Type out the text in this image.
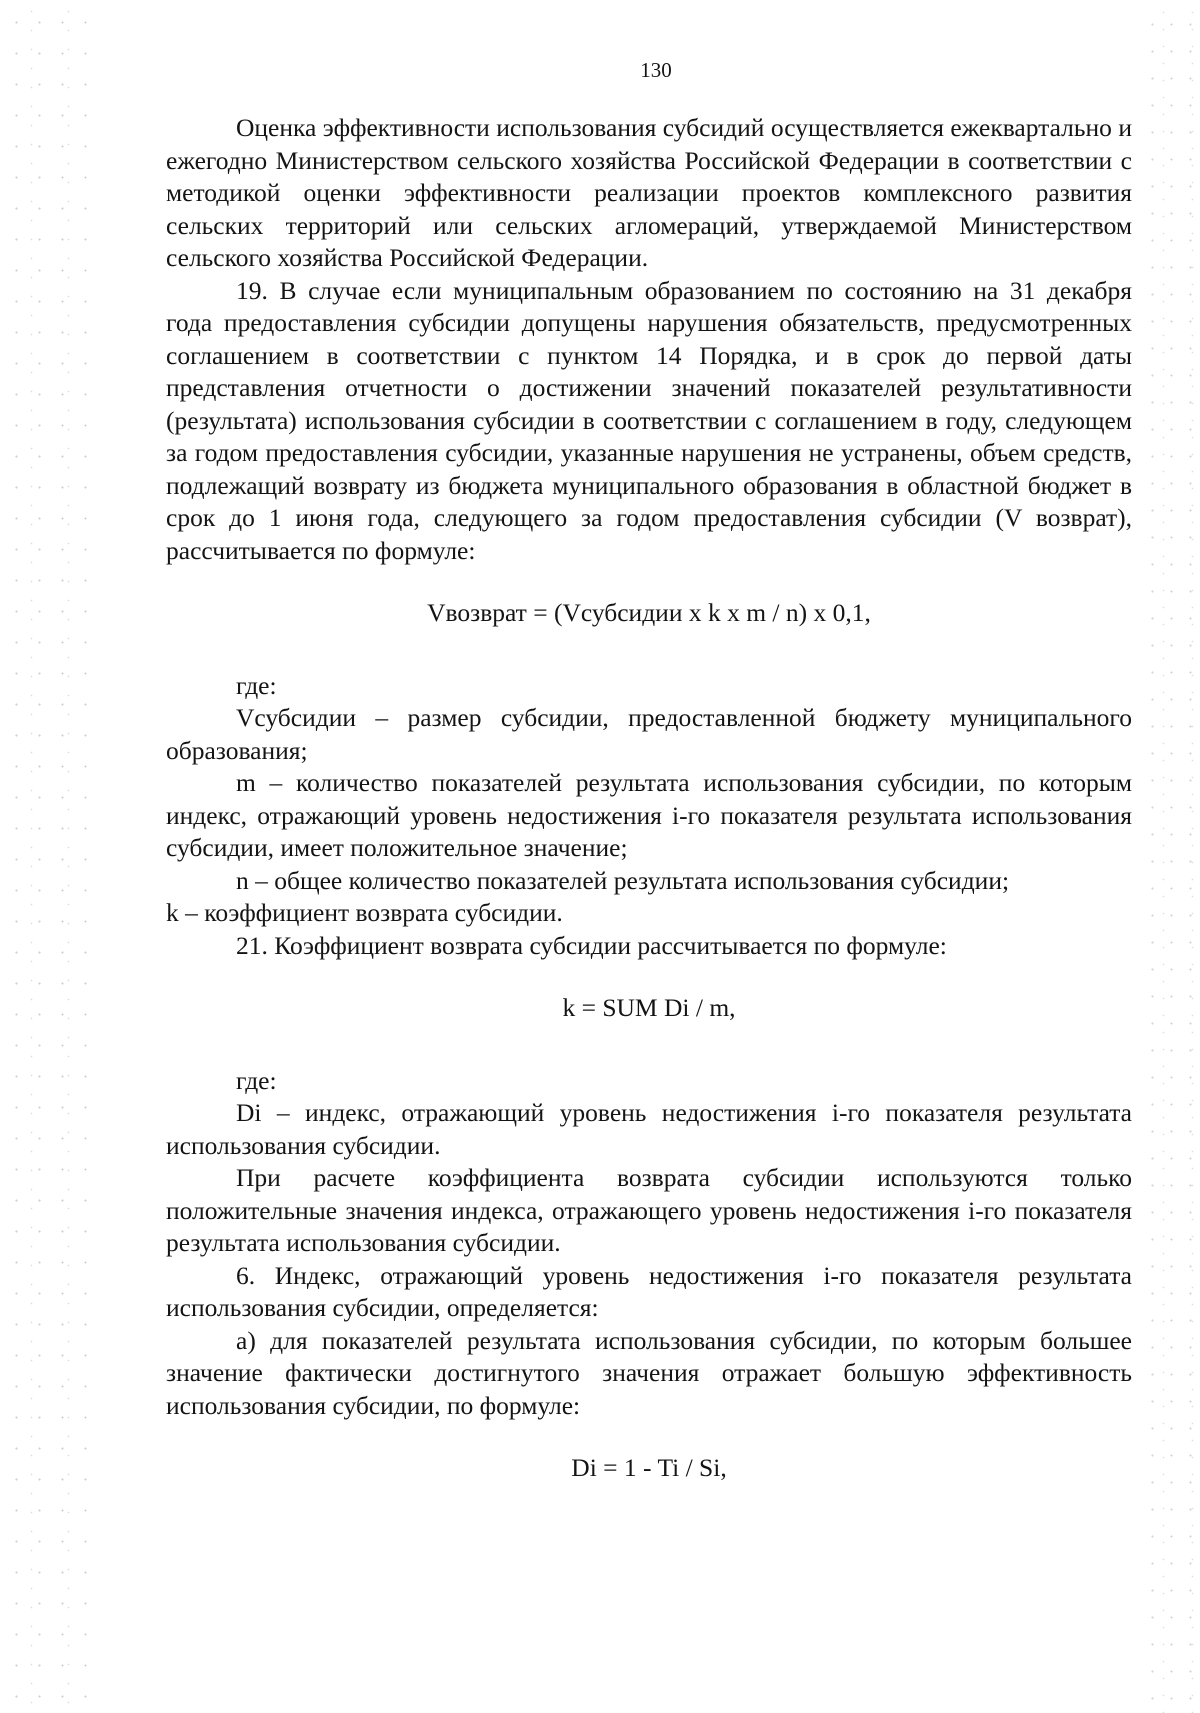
130

Оценка эффективности использования субсидий осуществляется ежеквартально и ежегодно Министерством сельского хозяйства Российской Федерации в соответствии с методикой оценки эффективности реализации проектов комплексного развития сельских территорий или сельских агломераций, утверждаемой Министерством сельского хозяйства Российской Федерации.

19. В случае если муниципальным образованием по состоянию на 31 декабря года предоставления субсидии допущены нарушения обязательств, предусмотренных соглашением в соответствии с пунктом 14 Порядка, и в срок до первой даты представления отчетности о достижении значений показателей результативности (результата) использования субсидии в соответствии с соглашением в году, следующем за годом предоставления субсидии, указанные нарушения не устранены, объем средств, подлежащий возврату из бюджета муниципального образования в областной бюджет в срок до 1 июня года, следующего за годом предоставления субсидии (V возврат), рассчитывается по формуле:

Vвозврат = (Vсубсидии x k x m / n) x 0,1,

где:

Vсубсидии – размер субсидии, предоставленной бюджету муниципального образования;

m – количество показателей результата использования субсидии, по которым индекс, отражающий уровень недостижения i-го показателя результата использования субсидии, имеет положительное значение;

n – общее количество показателей результата использования субсидии;

k – коэффициент возврата субсидии.

21. Коэффициент возврата субсидии рассчитывается по формуле:

k = SUM Di / m,

где:

Di – индекс, отражающий уровень недостижения i-го показателя результата использования субсидии.

При расчете коэффициента возврата субсидии используются только положительные значения индекса, отражающего уровень недостижения i-го показателя результата использования субсидии.

6. Индекс, отражающий уровень недостижения i-го показателя результата использования субсидии, определяется:

а) для показателей результата использования субсидии, по которым большее значение фактически достигнутого значения отражает большую эффективность использования субсидии, по формуле:

Di = 1 - Ti / Si,
